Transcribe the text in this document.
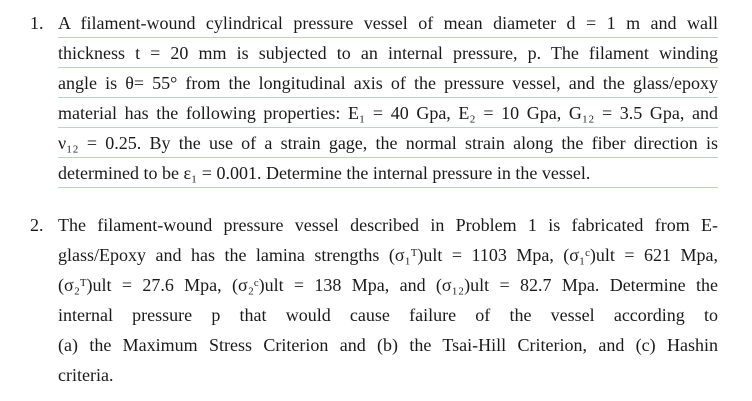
1. A filament-wound cylindrical pressure vessel of mean diameter d = 1 m and wall
thickness t = 20 mm is subjected to an internal pressure, p. The filament winding
angle is θ= 55° from the longitudinal axis of the pressure vessel, and the glass/epoxy
material has the following properties: E₁ = 40 Gpa, E₂ = 10 Gpa, G₁₂ = 3.5 Gpa, and
ν₁₂ = 0.25. By the use of a strain gage, the normal strain along the fiber direction is
determined to be ε₁ = 0.001. Determine the internal pressure in the vessel.
2. The filament-wound pressure vessel described in Problem 1 is fabricated from E-
glass/Epoxy and has the lamina strengths (σ₁ᵀ)ult = 1103 Mpa, (σ₁ᶜ)ult = 621 Mpa,
(σ₂ᵀ)ult = 27.6 Mpa, (σ₂ᶜ)ult = 138 Mpa, and (σ₁₂)ult = 82.7 Mpa. Determine the
internal pressure p that would cause failure of the vessel according to
(a) the Maximum Stress Criterion and (b) the Tsai-Hill Criterion, and (c) Hashin
criteria.
